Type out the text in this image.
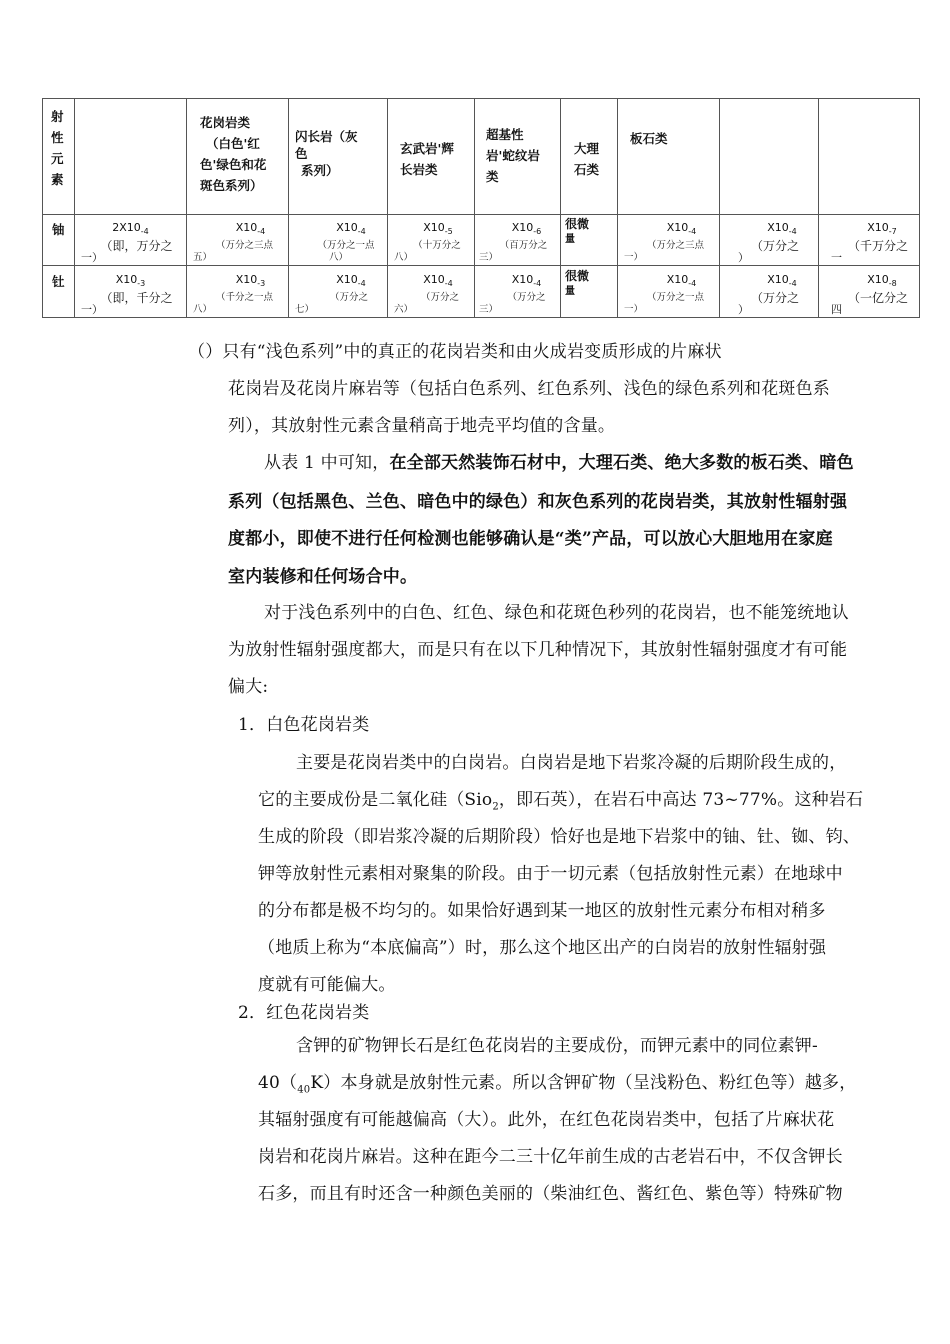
射
性
元
素
花岗岩类
（白色'红
色'绿色和花
斑色系列）
闪长岩（灰
色
系列）
玄武岩'辉
长岩类
超基性
岩'蛇纹岩
类
大理
石类
板石类
铀
钍
$2X10_{-4}$
（即，万分之
一）
$X10_{-4}$
（万分之三点
五）
$X10_{-4}$
（万分之一点
八）
$X10_{-5}$
（十万分之
八）
$X10_{-6}$
（百万分之
三）
很微
量
$X10_{-4}$
（万分之三点
一）
$X10_{-4}$
（万分之
）
$X10_{-7}$
（千万分之
一
$X10_{-3}$
（即，千分之
一）
$X10_{-3}$
（千分之一点
八）
$X10_{-4}$
（万分之
七）
$X10_{-4}$
（万分之
六）
$X10_{-4}$
（万分之
三）
很微
量
$X10_{-4}$
（万分之一点
一）
$X10_{-4}$
（万分之
）
$X10_{-8}$
（一亿分之
四
（）只有“浅色系列”中的真正的花岗岩类和由火成岩变质形成的片麻状
花岗岩及花岗片麻岩等（包括白色系列、红色系列、浅色的绿色系列和花斑色系
列），其放射性元素含量稍高于地壳平均值的含量。
从表 1 中可知，在全部天然装饰石材中，大理石类、绝大多数的板石类、暗色
系列（包括黑色、兰色、暗色中的绿色）和灰色系列的花岗岩类，其放射性辐射强
度都小，即使不进行任何检测也能够确认是“类”产品，可以放心大胆地用在家庭
室内装修和任何场合中。
对于浅色系列中的白色、红色、绿色和花斑色秒列的花岗岩，也不能笼统地认
为放射性辐射强度都大，而是只有在以下几种情况下，其放射性辐射强度才有可能
偏大:
1．白色花岗岩类
主要是花岗岩类中的白岗岩。白岗岩是地下岩浆冷凝的后期阶段生成的，
它的主要成份是二氧化硅（Sio$_2$，即石英），在岩石中高达 73~77%。这种岩石
生成的阶段（即岩浆冷凝的后期阶段）恰好也是地下岩浆中的铀、钍、铷、钧、
钾等放射性元素相对聚集的阶段。由于一切元素（包括放射性元素）在地球中
的分布都是极不均匀的。如果恰好遇到某一地区的放射性元素分布相对稍多
（地质上称为“本底偏高”）时，那么这个地区出产的白岗岩的放射性辐射强
度就有可能偏大。
2．红色花岗岩类
含钾的矿物钾长石是红色花岗岩的主要成份，而钾元素中的同位素钾-
$40(_{40}K)$本身就是放射性元素。所以含钾矿物（呈浅粉色、粉红色等）越多，
其辐射强度有可能越偏高（大）。此外，在红色花岗岩类中，包括了片麻状花
岗岩和花岗片麻岩。这种在距今二三十亿年前生成的古老岩石中，不仅含钾长
石多，而且有时还含一种颜色美丽的（柴油红色、酱红色、紫色等）特殊矿物
